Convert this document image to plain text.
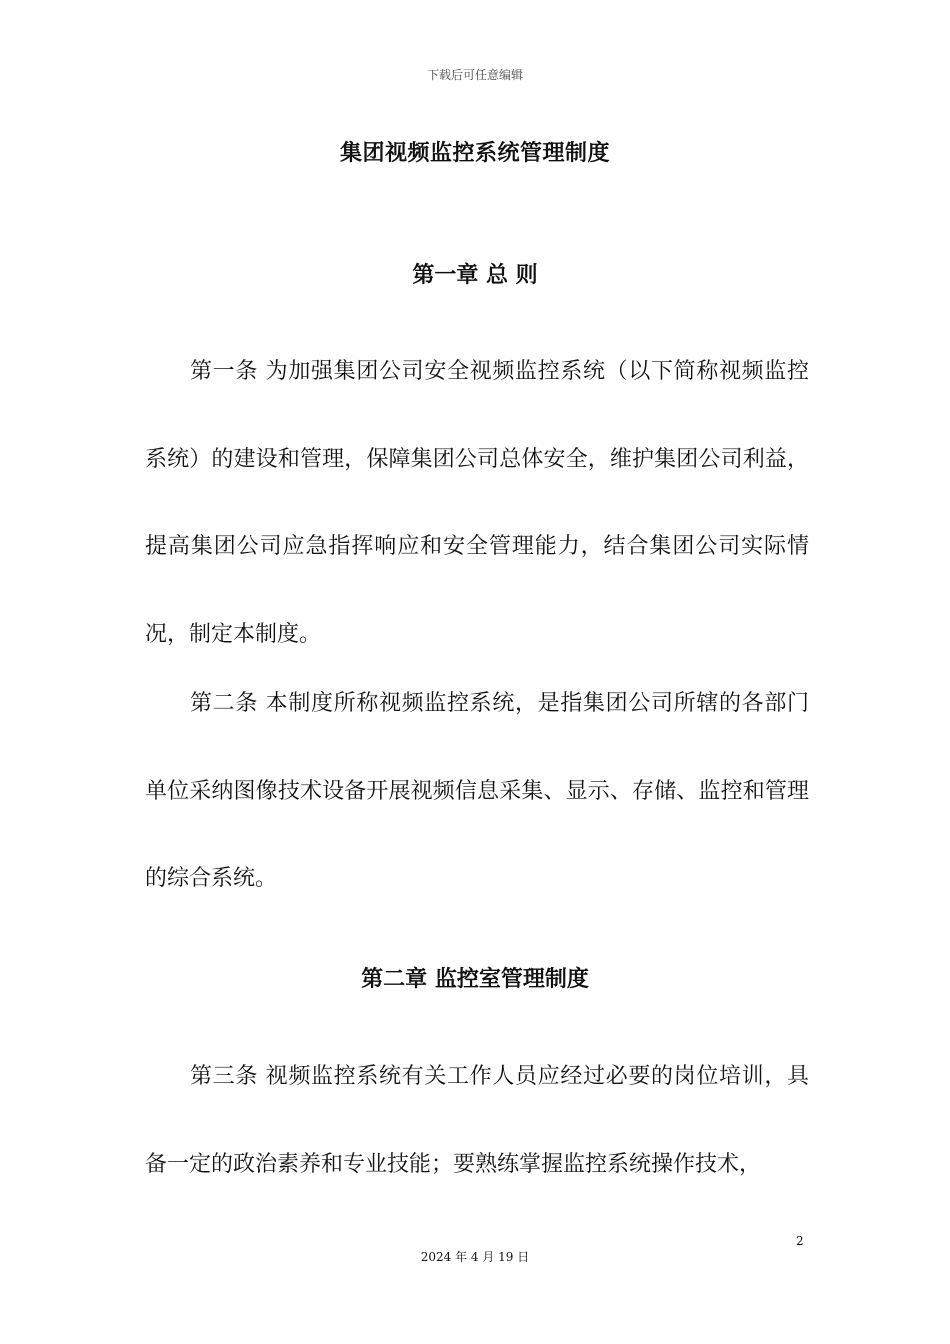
下载后可任意编辑
集团视频监控系统管理制度
第一章 总 则

第一条 为加强集团公司安全视频监控系统（以下简称视频监控系统）的建设和管理，保障集团公司总体安全，维护集团公司利益，提高集团公司应急指挥响应和安全管理能力，结合集团公司实际情况，制定本制度。

第二条 本制度所称视频监控系统，是指集团公司所辖的各部门单位采纳图像技术设备开展视频信息采集、显示、存储、监控和管理的综合系统。

第二章 监控室管理制度

第三条 视频监控系统有关工作人员应经过必要的岗位培训，具备一定的政治素养和专业技能；要熟练掌握监控系统操作技术，

2
2024 年 4 月 19 日
